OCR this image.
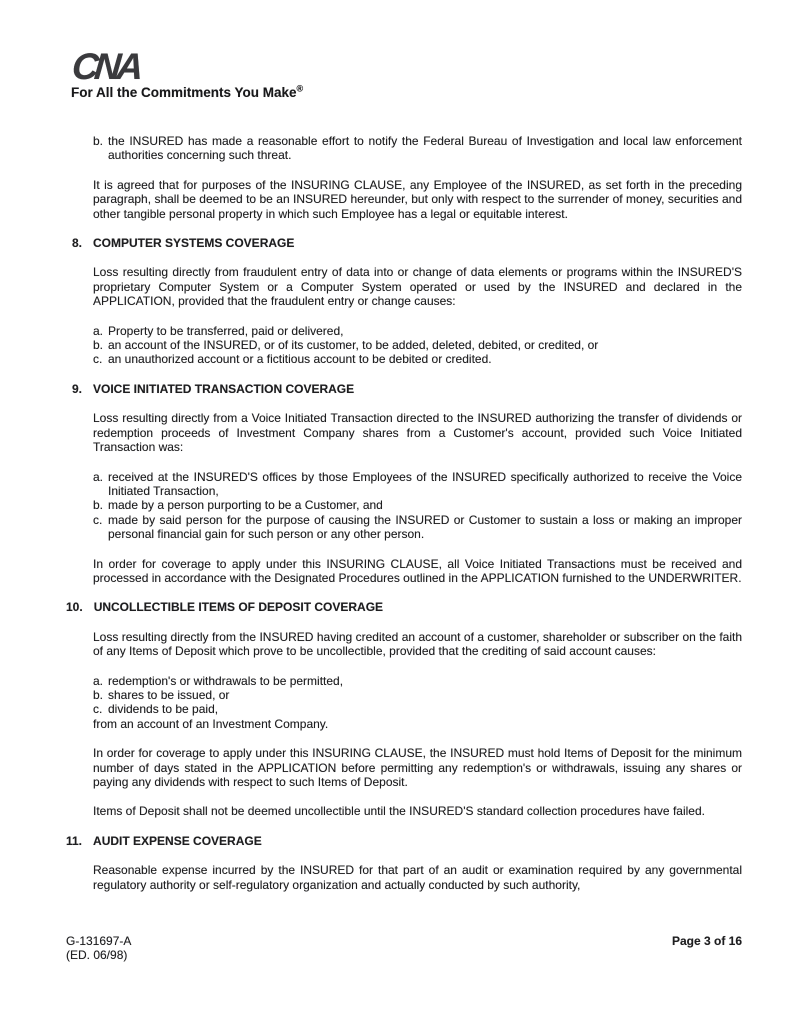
CNA
For All the Commitments You Make®
b. the INSURED has made a reasonable effort to notify the Federal Bureau of Investigation and local law enforcement authorities concerning such threat.

It is agreed that for purposes of the INSURING CLAUSE, any Employee of the INSURED, as set forth in the preceding paragraph, shall be deemed to be an INSURED hereunder, but only with respect to the surrender of money, securities and other tangible personal property in which such Employee has a legal or equitable interest.

8. COMPUTER SYSTEMS COVERAGE

Loss resulting directly from fraudulent entry of data into or change of data elements or programs within the INSURED'S proprietary Computer System or a Computer System operated or used by the INSURED and declared in the APPLICATION, provided that the fraudulent entry or change causes:

a. Property to be transferred, paid or delivered,
b. an account of the INSURED, or of its customer, to be added, deleted, debited, or credited, or
c. an unauthorized account or a fictitious account to be debited or credited.
9. VOICE INITIATED TRANSACTION COVERAGE

Loss resulting directly from a Voice Initiated Transaction directed to the INSURED authorizing the transfer of dividends or redemption proceeds of Investment Company shares from a Customer's account, provided such Voice Initiated Transaction was:

a. received at the INSURED'S offices by those Employees of the INSURED specifically authorized to receive the Voice Initiated Transaction,
b. made by a person purporting to be a Customer, and
c. made by said person for the purpose of causing the INSURED or Customer to sustain a loss or making an improper personal financial gain for such person or any other person.

In order for coverage to apply under this INSURING CLAUSE, all Voice Initiated Transactions must be received and processed in accordance with the Designated Procedures outlined in the APPLICATION furnished to the UNDERWRITER.

10. UNCOLLECTIBLE ITEMS OF DEPOSIT COVERAGE

Loss resulting directly from the INSURED having credited an account of a customer, shareholder or subscriber on the faith of any Items of Deposit which prove to be uncollectible, provided that the crediting of said account causes:

a. redemption's or withdrawals to be permitted,
b. shares to be issued, or
c. dividends to be paid,

from an account of an Investment Company.

In order for coverage to apply under this INSURING CLAUSE, the INSURED must hold Items of Deposit for the minimum number of days stated in the APPLICATION before permitting any redemption's or withdrawals, issuing any shares or paying any dividends with respect to such Items of Deposit.

Items of Deposit shall not be deemed uncollectible until the INSURED'S standard collection procedures have failed.

11. AUDIT EXPENSE COVERAGE

Reasonable expense incurred by the INSURED for that part of an audit or examination required by any governmental regulatory authority or self-regulatory organization and actually conducted by such authority,

G-131697-A
(ED. 06/98)
Page 3 of 16
